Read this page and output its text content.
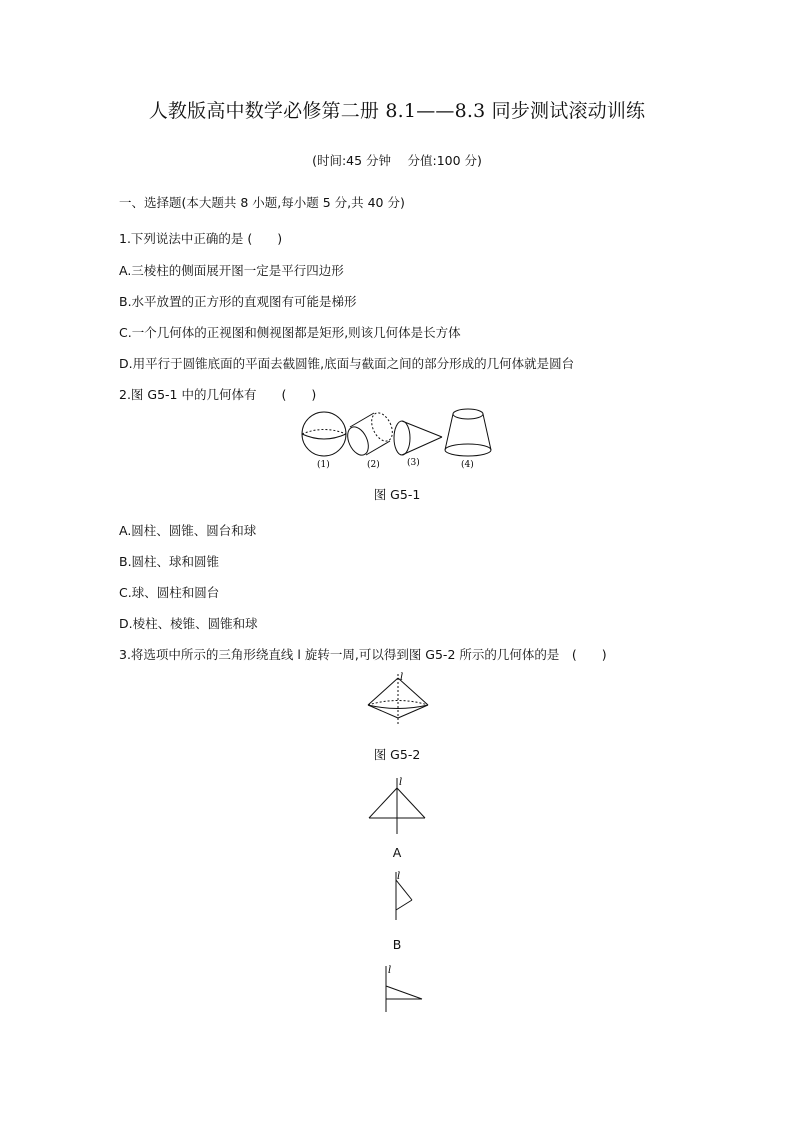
人教版高中数学必修第二册 8.1——8.3 同步测试滚动训练
(时间:45 分钟　 分值:100 分)
一、选择题(本大题共 8 小题,每小题 5 分,共 40 分)
1.下列说法中正确的是 (　　)
A.三棱柱的侧面展开图一定是平行四边形
B.水平放置的正方形的直观图有可能是梯形
C.一个几何体的正视图和侧视图都是矩形,则该几何体是长方体
D.用平行于圆锥底面的平面去截圆锥,底面与截面之间的部分形成的几何体就是圆台
2.图 G5-1 中的几何体有　　(　　)
(1)	(2)	(3)	(4)
图 G5-1
A.圆柱、圆锥、圆台和球
B.圆柱、球和圆锥
C.球、圆柱和圆台
D.棱柱、棱锥、圆锥和球
3.将选项中所示的三角形绕直线 l 旋转一周,可以得到图 G5-2 所示的几何体的是　(　　)
l
图 G5-2
l
A
l
B
l
